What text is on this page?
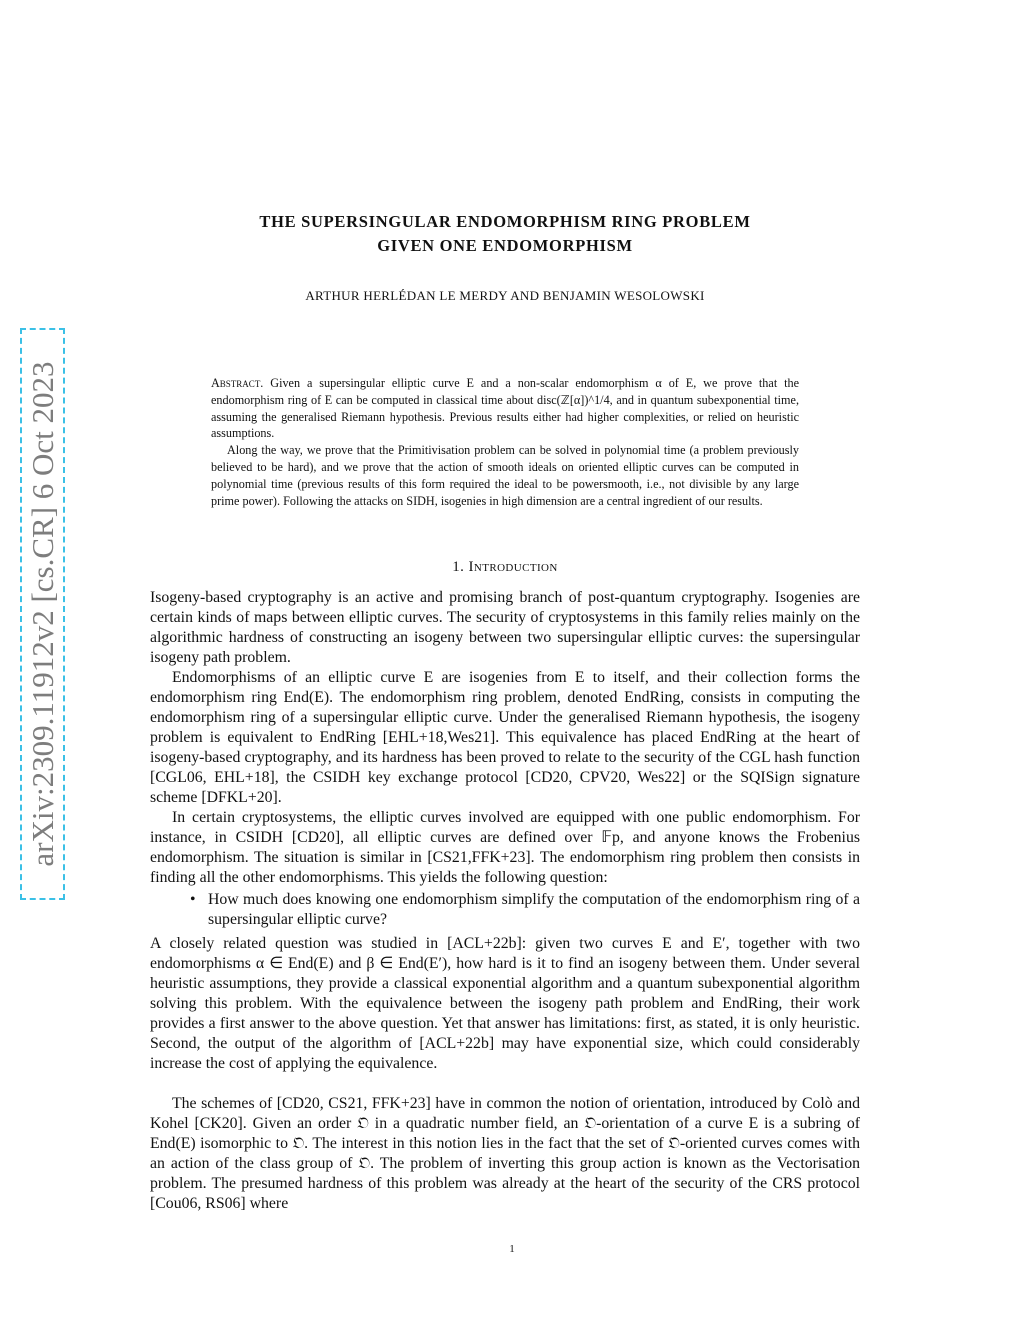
arXiv:2309.11912v2 [cs.CR] 6 Oct 2023
THE SUPERSINGULAR ENDOMORPHISM RING PROBLEM
GIVEN ONE ENDOMORPHISM
ARTHUR HERLÉDAN LE MERDY AND BENJAMIN WESOLOWSKI

Abstract. Given a supersingular elliptic curve E and a non-scalar endomorphism α of E, we prove that the endomorphism ring of E can be computed in classical time about disc(ℤ[α])^1/4, and in quantum subexponential time, assuming the generalised Riemann hypothesis. Previous results either had higher complexities, or relied on heuristic assumptions.

Along the way, we prove that the Primitivisation problem can be solved in polynomial time (a problem previously believed to be hard), and we prove that the action of smooth ideals on oriented elliptic curves can be computed in polynomial time (previous results of this form required the ideal to be powersmooth, i.e., not divisible by any large prime power). Following the attacks on SIDH, isogenies in high dimension are a central ingredient of our results.

1. Introduction

Isogeny-based cryptography is an active and promising branch of post-quantum cryptography. Isogenies are certain kinds of maps between elliptic curves. The security of cryptosystems in this family relies mainly on the algorithmic hardness of constructing an isogeny between two supersingular elliptic curves: the supersingular isogeny path problem.

Endomorphisms of an elliptic curve E are isogenies from E to itself, and their collection forms the endomorphism ring End(E). The endomorphism ring problem, denoted EndRing, consists in computing the endomorphism ring of a supersingular elliptic curve. Under the generalised Riemann hypothesis, the isogeny problem is equivalent to EndRing [EHL+18,Wes21]. This equivalence has placed EndRing at the heart of isogeny-based cryptography, and its hardness has been proved to relate to the security of the CGL hash function [CGL06, EHL+18], the CSIDH key exchange protocol [CD20, CPV20, Wes22] or the SQISign signature scheme [DFKL+20].

In certain cryptosystems, the elliptic curves involved are equipped with one public endomorphism. For instance, in CSIDH [CD20], all elliptic curves are defined over 𝔽p, and anyone knows the Frobenius endomorphism. The situation is similar in [CS21,FFK+23]. The endomorphism ring problem then consists in finding all the other endomorphisms. This yields the following question:

• How much does knowing one endomorphism simplify the computation of the endomorphism ring of a supersingular elliptic curve?

A closely related question was studied in [ACL+22b]: given two curves E and E′, together with two endomorphisms α ∈ End(E) and β ∈ End(E′), how hard is it to find an isogeny between them. Under several heuristic assumptions, they provide a classical exponential algorithm and a quantum subexponential algorithm solving this problem. With the equivalence between the isogeny path problem and EndRing, their work provides a first answer to the above question. Yet that answer has limitations: first, as stated, it is only heuristic. Second, the output of the algorithm of [ACL+22b] may have exponential size, which could considerably increase the cost of applying the equivalence.

The schemes of [CD20, CS21, FFK+23] have in common the notion of orientation, introduced by Colò and Kohel [CK20]. Given an order 𝔒 in a quadratic number field, an 𝔒-orientation of a curve E is a subring of End(E) isomorphic to 𝔒. The interest in this notion lies in the fact that the set of 𝔒-oriented curves comes with an action of the class group of 𝔒. The problem of inverting this group action is known as the Vectorisation problem. The presumed hardness of this problem was already at the heart of the security of the CRS protocol [Cou06, RS06] where

1
